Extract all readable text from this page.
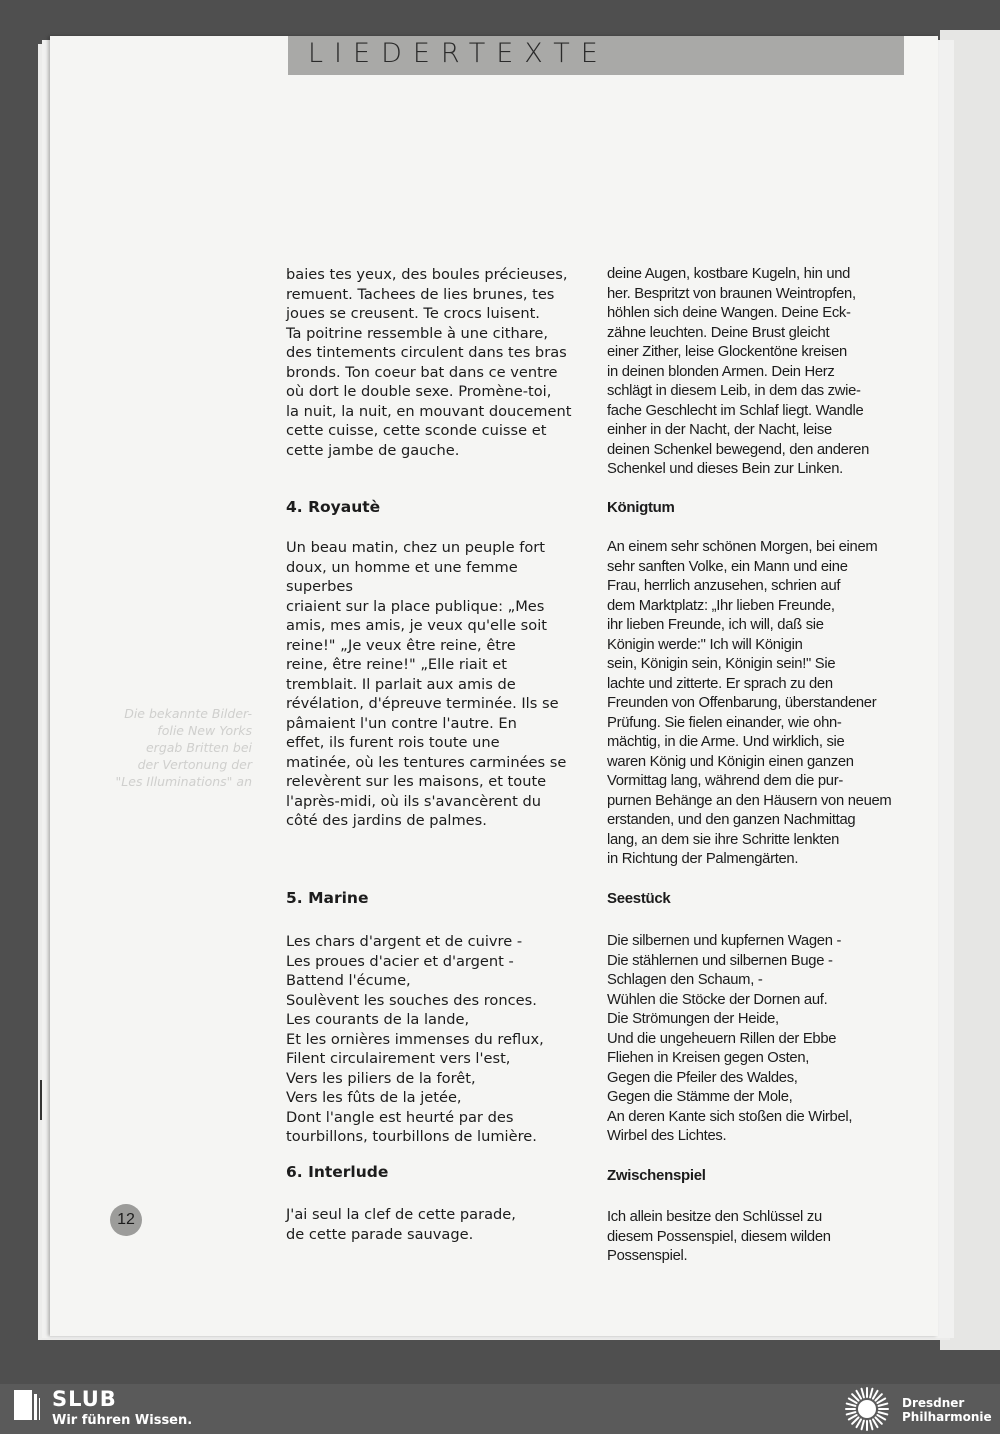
LIEDERTEXTE
Die bekannte Bilder-
folie New Yorks
ergab Britten bei
der Vertonung der
"Les Illuminations" an
baies tes yeux, des boules précieuses,
remuent. Tachees de lies brunes, tes
joues se creusent. Te crocs luisent.
Ta poitrine ressemble à une cithare,
des tintements circulent dans tes bras
bronds. Ton coeur bat dans ce ventre
où dort le double sexe. Promène-toi,
la nuit, la nuit, en mouvant doucement
cette cuisse, cette sconde cuisse et
cette jambe de gauche.
4. Royautè
Un beau matin, chez un peuple fort
doux, un homme et une femme
superbes
criaient sur la place publique: „Mes
amis, mes amis, je veux qu'elle soit
reine!" „Je veux être reine, être
reine, être reine!" „Elle riait et
tremblait. Il parlait aux amis de
révélation, d'épreuve terminée. Ils se
pâmaient l'un contre l'autre. En
effet, ils furent rois toute une
matinée, où les tentures carminées se
relevèrent sur les maisons, et toute
l'après-midi, où ils s'avancèrent du
côté des jardins de palmes.
5. Marine
Les chars d'argent et de cuivre -
Les proues d'acier et d'argent -
Battend l'écume,
Soulèvent les souches des ronces.
Les courants de la lande,
Et les ornières immenses du reflux,
Filent circulairement vers l'est,
Vers les piliers de la forêt,
Vers les fûts de la jetée,
Dont l'angle est heurté par des
tourbillons, tourbillons de lumière.
6. Interlude
J'ai seul la clef de cette parade,
de cette parade sauvage.
deine Augen, kostbare Kugeln, hin und
her. Bespritzt von braunen Weintropfen,
höhlen sich deine Wangen. Deine Eck-
zähne leuchten. Deine Brust gleicht
einer Zither, leise Glockentöne kreisen
in deinen blonden Armen. Dein Herz
schlägt in diesem Leib, in dem das zwie-
fache Geschlecht im Schlaf liegt. Wandle
einher in der Nacht, der Nacht, leise
deinen Schenkel bewegend, den anderen
Schenkel und dieses Bein zur Linken.
Königtum
An einem sehr schönen Morgen, bei einem
sehr sanften Volke, ein Mann und eine
Frau, herrlich anzusehen, schrien auf
dem Marktplatz: „Ihr lieben Freunde,
ihr lieben Freunde, ich will, daß sie
Königin werde:" Ich will Königin
sein, Königin sein, Königin sein!" Sie
lachte und zitterte. Er sprach zu den
Freunden von Offenbarung, überstandener
Prüfung. Sie fielen einander, wie ohn-
mächtig, in die Arme. Und wirklich, sie
waren König und Königin einen ganzen
Vormittag lang, während dem die pur-
purnen Behänge an den Häusern von neuem
erstanden, und den ganzen Nachmittag
lang, an dem sie ihre Schritte lenkten
in Richtung der Palmengärten.
Seestück
Die silbernen und kupfernen Wagen -
Die stählernen und silbernen Buge -
Schlagen den Schaum, -
Wühlen die Stöcke der Dornen auf.
Die Strömungen der Heide,
Und die ungeheuern Rillen der Ebbe
Fliehen in Kreisen gegen Osten,
Gegen die Pfeiler des Waldes,
Gegen die Stämme der Mole,
An deren Kante sich stoßen die Wirbel,
Wirbel des Lichtes.
Zwischenspiel
Ich allein besitze den Schlüssel zu
diesem Possenspiel, diesem wilden
Possenspiel.
12
SLUB
Wir führen Wissen.
Dresdner
Philharmonie
